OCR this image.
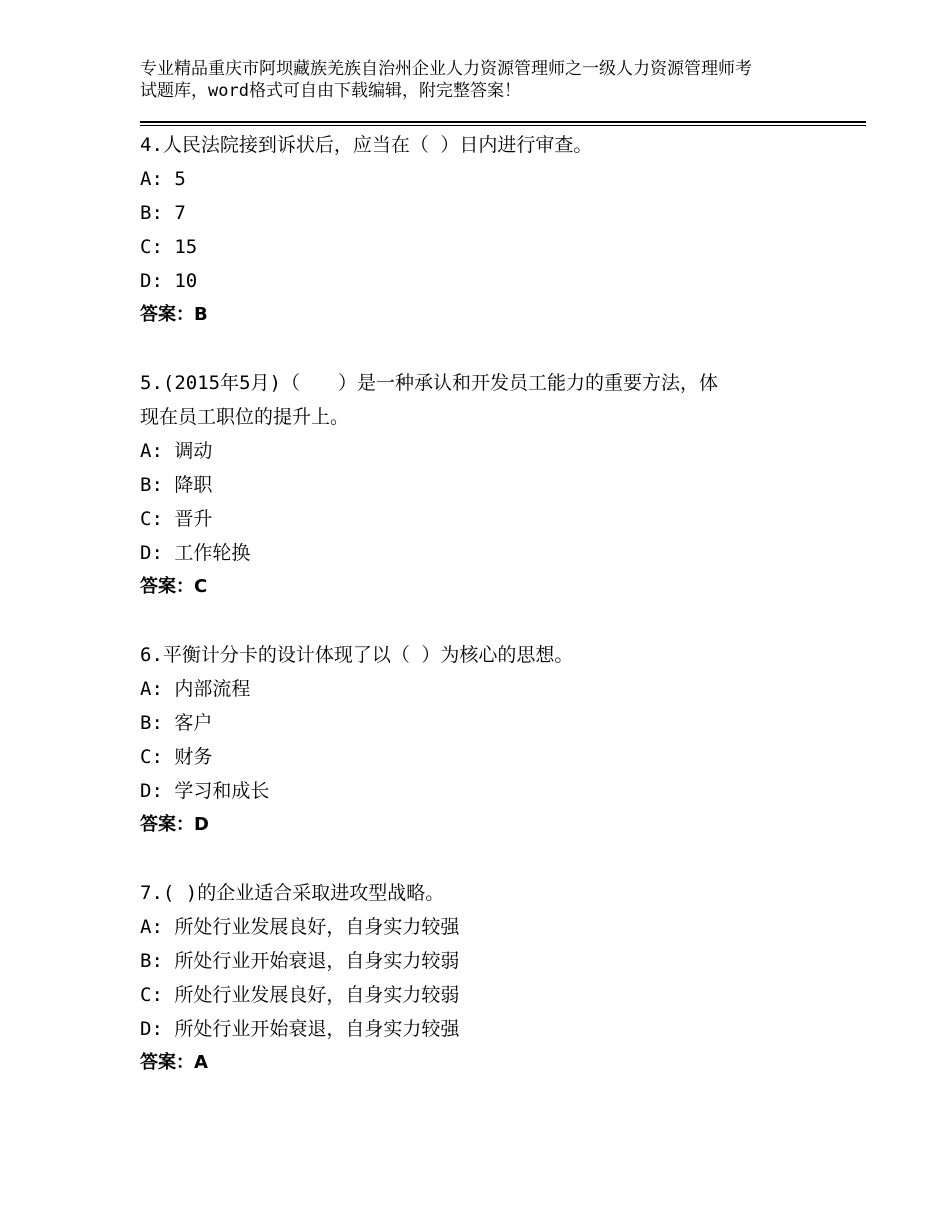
专业精品重庆市阿坝藏族羌族自治州企业人力资源管理师之一级人力资源管理师考
试题库，word格式可自由下载编辑，附完整答案！
4.人民法院接到诉状后，应当在（ ）日内进行审查。
A: 5
B: 7
C: 15
D: 10
答案：B
5.(2015年5月)（　　）是一种承认和开发员工能力的重要方法，体
现在员工职位的提升上。
A: 调动
B: 降职
C: 晋升
D: 工作轮换
答案：C
6.平衡计分卡的设计体现了以（ ）为核心的思想。
A: 内部流程
B: 客户
C: 财务
D: 学习和成长
答案：D
7.( )的企业适合采取进攻型战略。
A: 所处行业发展良好，自身实力较强
B: 所处行业开始衰退，自身实力较弱
C: 所处行业发展良好，自身实力较弱
D: 所处行业开始衰退，自身实力较强
答案：A
